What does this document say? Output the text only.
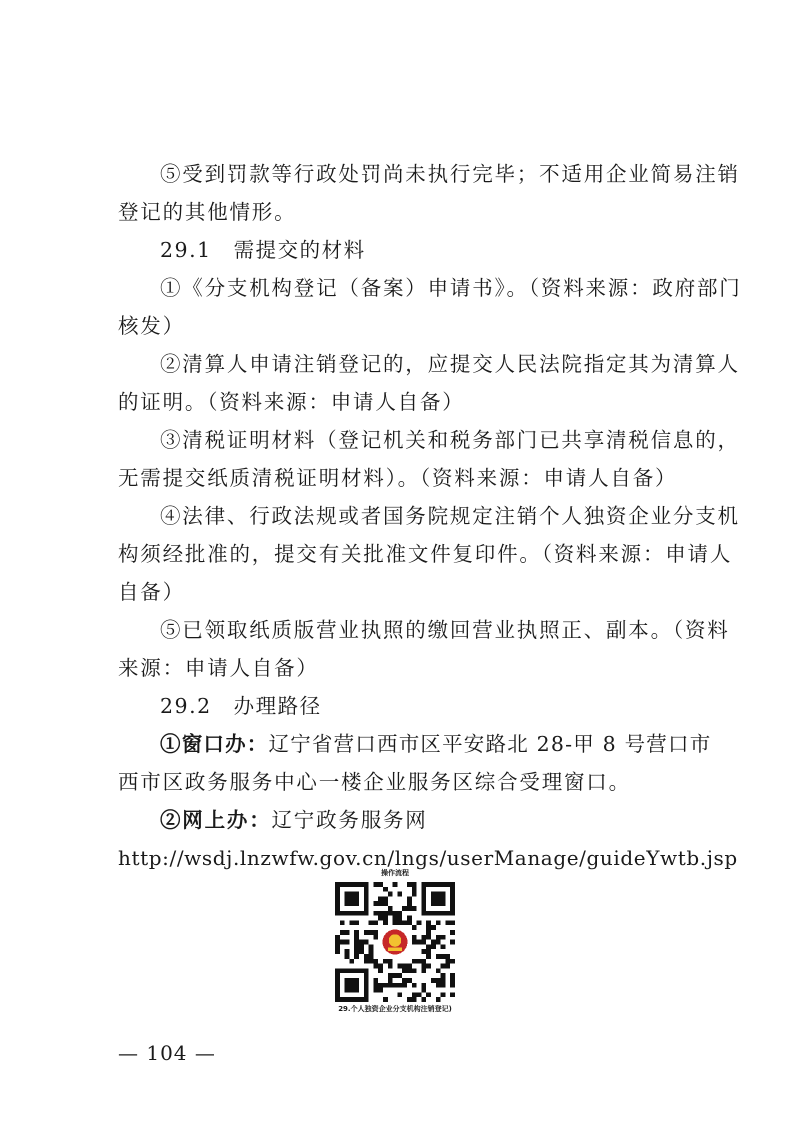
⑤受到罚款等行政处罚尚未执行完毕；不适用企业简易注销
登记的其他情形。
29.1　需提交的材料
①《分支机构登记（备案）申请书》。（资料来源：政府部门
核发）
②清算人申请注销登记的，应提交人民法院指定其为清算人
的证明。（资料来源：申请人自备）
③清税证明材料（登记机关和税务部门已共享清税信息的，
无需提交纸质清税证明材料）。（资料来源：申请人自备）
④法律、行政法规或者国务院规定注销个人独资企业分支机
构须经批准的，提交有关批准文件复印件。（资料来源：申请人
自备）
⑤已领取纸质版营业执照的缴回营业执照正、副本。（资料
来源：申请人自备）
29.2　办理路径
①窗口办：辽宁省营口西市区平安路北 28-甲 8 号营口市
西市区政务服务中心一楼企业服务区综合受理窗口。
②网上办：辽宁政务服务网
http://wsdj.lnzwfw.gov.cn/lngs/userManage/guideYwtb.jsp
操作流程
29.个人独资企业分支机构注销登记)
— 104 —
